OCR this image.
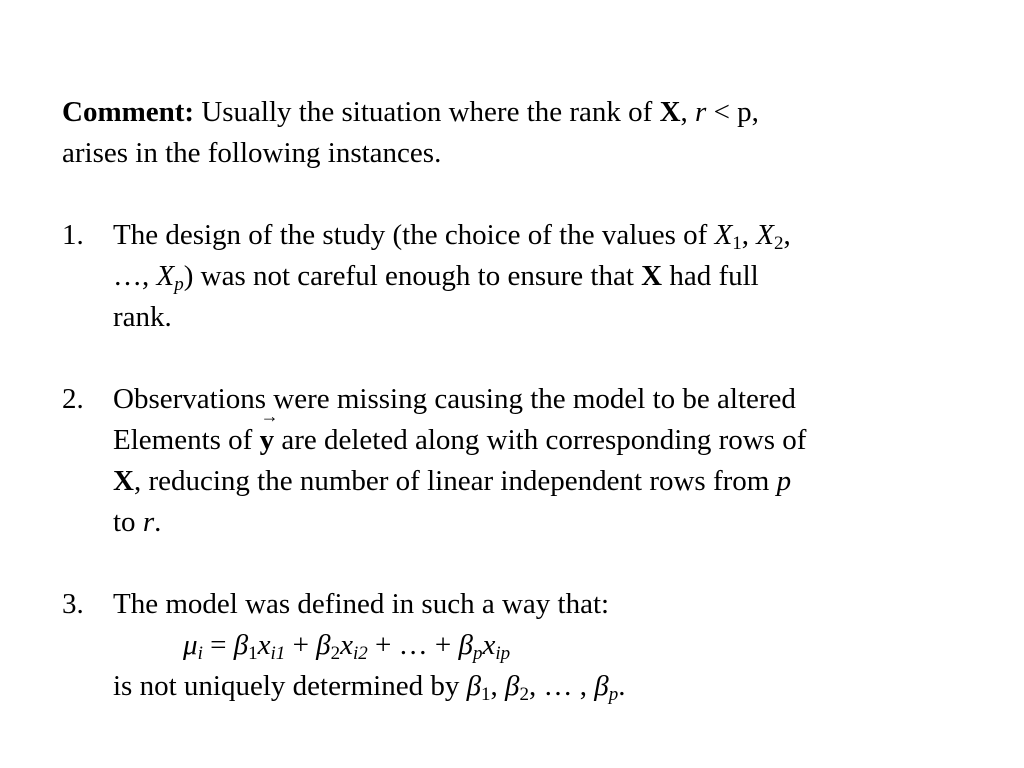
Comment: Usually the situation where the rank of X, r < p,
arises in the following instances.
1. The design of the study (the choice of the values of $X_1$, $X_2$,
…, $X_p$) was not careful enough to ensure that X had full
rank.
2. Observations were missing causing the model to be altered
Elements of → y are deleted along with corresponding rows of
X, reducing the number of linear independent rows from p
to r.
3. The model was defined in such a way that:

$\mu_i = \beta_1x_{i1} + \beta_2x_{i2}$ + … + $\beta_px_{ip}$
is not uniquely determined by $\beta_1$, $\beta_2$, … , $\beta_p$.
